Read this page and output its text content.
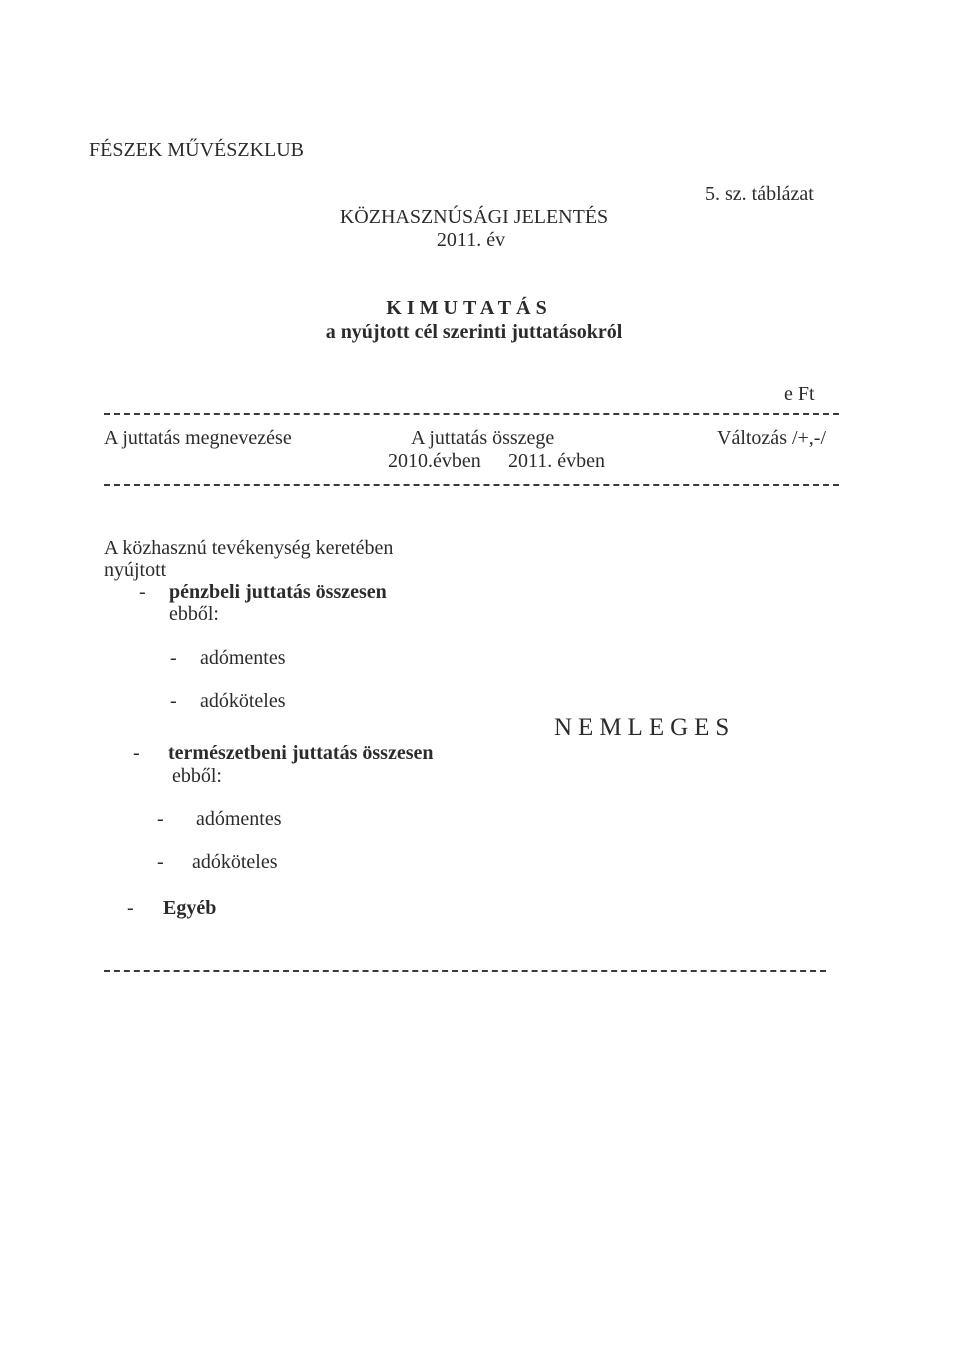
FÉSZEK MŰVÉSZKLUB
KÖZHASZNÚSÁGI JELENTÉS
2011. év
5. sz. táblázat
KIMUTATÁS
a nyújtott cél szerinti juttatásokról
e Ft
A juttatás megnevezése	A juttatás összege
2010.évben 2011. évben
Változás /+,-/
A közhasznú tevékenység keretében
nyújtott
- pénzbeli juttatás összesen
ebből:
- adómentes
- adóköteles
- természetbeni juttatás összesen
ebből:
- adómentes
- adóköteles
- Egyéb
NEMLEGES
